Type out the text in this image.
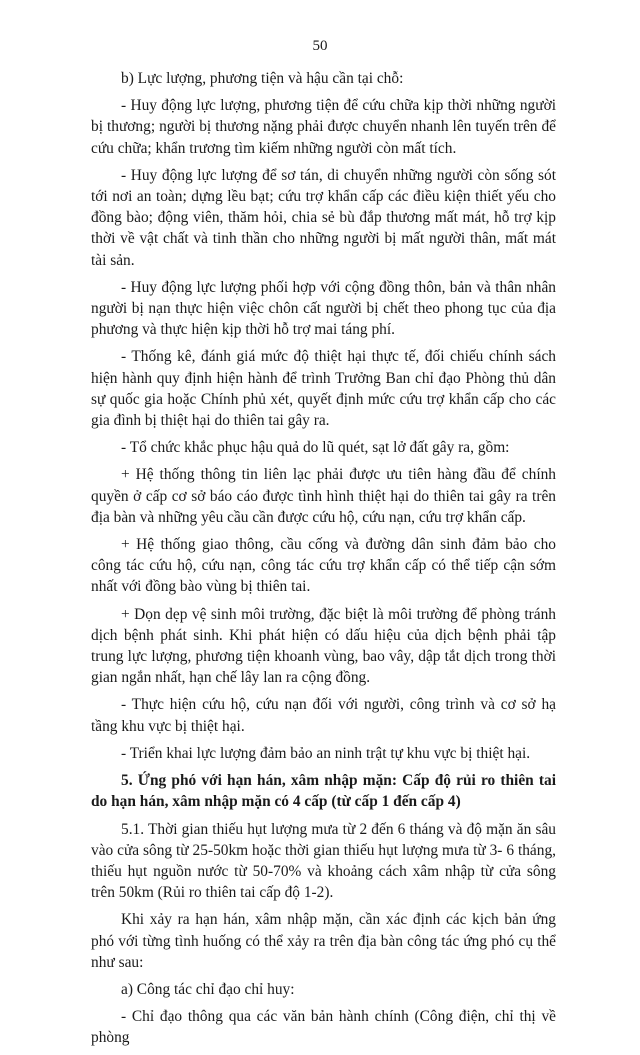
50

b) Lực lượng, phương tiện và hậu cần tại chỗ:

- Huy động lực lượng, phương tiện để cứu chữa kịp thời những người bị thương; người bị thương nặng phải được chuyển nhanh lên tuyến trên để cứu chữa; khẩn trương tìm kiếm những người còn mất tích.

- Huy động lực lượng để sơ tán, di chuyển những người còn sống sót tới nơi an toàn; dựng lều bạt; cứu trợ khẩn cấp các điều kiện thiết yếu cho đồng bào; động viên, thăm hỏi, chia sẻ bù đắp thương mất mát, hỗ trợ kịp thời về vật chất và tinh thần cho những người bị mất người thân, mất mát tài sản.

- Huy động lực lượng phối hợp với cộng đồng thôn, bản và thân nhân người bị nạn thực hiện việc chôn cất người bị chết theo phong tục của địa phương và thực hiện kịp thời hỗ trợ mai táng phí.

- Thống kê, đánh giá mức độ thiệt hại thực tế, đối chiếu chính sách hiện hành quy định hiện hành để trình Trưởng Ban chỉ đạo Phòng thủ dân sự quốc gia hoặc Chính phủ xét, quyết định mức cứu trợ khẩn cấp cho các gia đình bị thiệt hại do thiên tai gây ra.

- Tổ chức khắc phục hậu quả do lũ quét, sạt lở đất gây ra, gồm:

+ Hệ thống thông tin liên lạc phải được ưu tiên hàng đầu để chính quyền ở cấp cơ sở báo cáo được tình hình thiệt hại do thiên tai gây ra trên địa bàn và những yêu cầu cần được cứu hộ, cứu nạn, cứu trợ khẩn cấp.

+ Hệ thống giao thông, cầu cống và đường dân sinh đảm bảo cho công tác cứu hộ, cứu nạn, công tác cứu trợ khẩn cấp có thể tiếp cận sớm nhất với đồng bào vùng bị thiên tai.

+ Dọn dẹp vệ sinh môi trường, đặc biệt là môi trường để phòng tránh dịch bệnh phát sinh. Khi phát hiện có dấu hiệu của dịch bệnh phải tập trung lực lượng, phương tiện khoanh vùng, bao vây, dập tắt dịch trong thời gian ngắn nhất, hạn chế lây lan ra cộng đồng.

- Thực hiện cứu hộ, cứu nạn đối với người, công trình và cơ sở hạ tầng khu vực bị thiệt hại.

- Triển khai lực lượng đảm bảo an ninh trật tự khu vực bị thiệt hại.

5. Ứng phó với hạn hán, xâm nhập mặn: Cấp độ rủi ro thiên tai do hạn hán, xâm nhập mặn có 4 cấp (từ cấp 1 đến cấp 4)

5.1. Thời gian thiếu hụt lượng mưa từ 2 đến 6 tháng và độ mặn ăn sâu vào cửa sông từ 25-50km hoặc thời gian thiếu hụt lượng mưa từ 3- 6 tháng, thiếu hụt nguồn nước từ 50-70% và khoảng cách xâm nhập từ cửa sông trên 50km (Rủi ro thiên tai cấp độ 1-2).

Khi xảy ra hạn hán, xâm nhập mặn, cần xác định các kịch bản ứng phó với từng tình huống có thể xảy ra trên địa bàn công tác ứng phó cụ thể như sau:

a) Công tác chỉ đạo chỉ huy:

- Chỉ đạo thông qua các văn bản hành chính (Công điện, chỉ thị về phòng
